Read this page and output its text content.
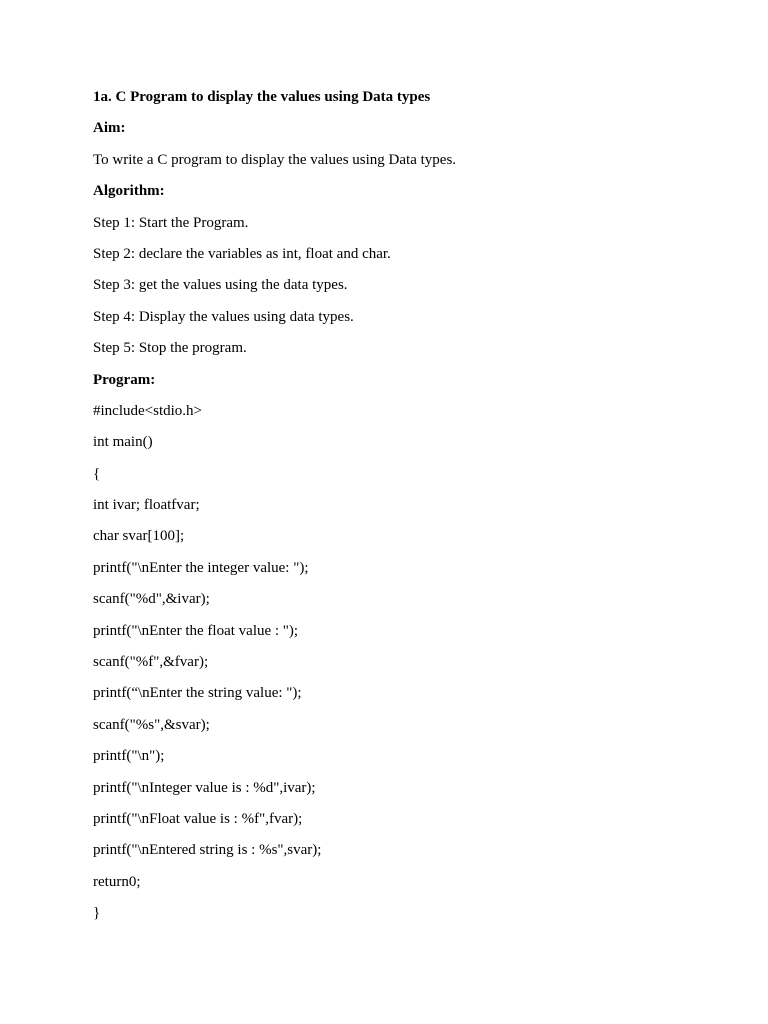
1a. C Program to display the values using Data types
Aim:
To write a C program to display the values using Data types.
Algorithm:
Step 1: Start the Program.
Step 2: declare the variables as int, float and char.
Step 3: get the values using the data types.
Step 4: Display the values using data types.
Step 5: Stop the program.
Program:
#include<stdio.h>
int main()
{
int ivar; floatfvar;
char svar[100];
printf("\nEnter the integer value: ");
scanf("%d",&ivar);
printf("\nEnter the float value : ");
scanf("%f",&fvar);
printf(“\nEnter the string value: ");
scanf("%s",&svar);
printf("\n");
printf("\nInteger value is : %d",ivar);
printf("\nFloat value is : %f",fvar);
printf("\nEntered string is : %s",svar);
return0;
}
